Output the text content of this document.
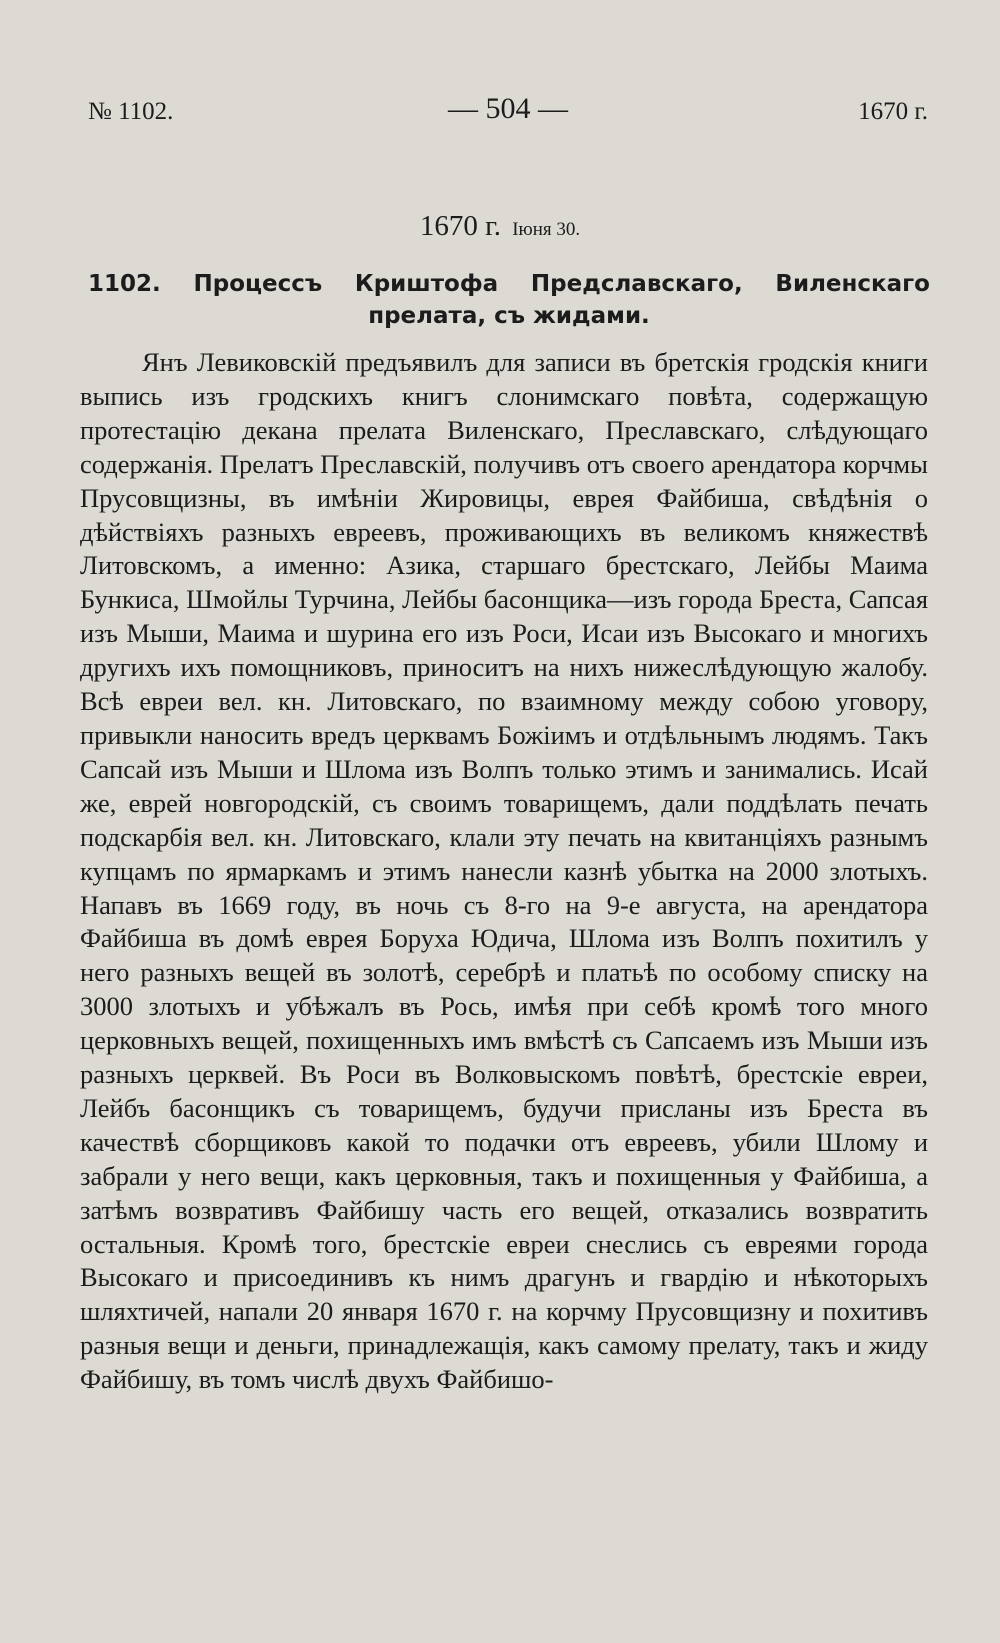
№ 1102.	— 504 —	1670 г.
1670 г. Іюня 30.
1102. Процессъ Криштофа Предславскаго, Виленскаго прелата, съ жидами.
Янъ Левиковскій предъявилъ для записи въ бретскія гродскія книги выпись изъ гродскихъ книгъ слонимскаго повѣта, содержащую протестацію декана прелата Виленскаго, Преславскаго, слѣдующаго содержанія. Прелатъ Преславскій, получивъ отъ своего арендатора корчмы Прусовщизны, въ имѣніи Жировицы, еврея Файбиша, свѣдѣнія о дѣйствіяхъ разныхъ евреевъ, проживающихъ въ великомъ княжествѣ Литовскомъ, а именно: Азика, старшаго брестскаго, Лейбы Маима Бункиса, Шмойлы Турчина, Лейбы басонщика—изъ города Бреста, Сапсая изъ Мыши, Маима и шурина его изъ Роси, Исаи изъ Высокаго и многихъ другихъ ихъ помощниковъ, приноситъ на нихъ нижеслѣдующую жалобу. Всѣ евреи вел. кн. Литовскаго, по взаимному между собою уговору, привыкли наносить вредъ церквамъ Божіимъ и отдѣльнымъ людямъ. Такъ Сапсай изъ Мыши и Шлома изъ Волпъ только этимъ и занимались. Исай же, еврей новгородскій, съ своимъ товарищемъ, дали поддѣлать печать подскарбія вел. кн. Литовскаго, клали эту печать на квитанціяхъ разнымъ купцамъ по ярмаркамъ и этимъ нанесли казнѣ убытка на 2000 злотыхъ. Напавъ въ 1669 году, въ ночь съ 8-го на 9-е августа, на арендатора Файбиша въ домѣ еврея Боруха Юдича, Шлома изъ Волпъ похитилъ у него разныхъ вещей въ золотѣ, серебрѣ и платьѣ по особому списку на 3000 злотыхъ и убѣжалъ въ Рось, имѣя при себѣ кромѣ того много церковныхъ вещей, похищенныхъ имъ вмѣстѣ съ Сапсаемъ изъ Мыши изъ разныхъ церквей. Въ Роси въ Волковыскомъ повѣтѣ, брестскіе евреи, Лейбъ басонщикъ съ товарищемъ, будучи присланы изъ Бреста въ качествѣ сборщиковъ какой то подачки отъ евреевъ, убили Шлому и забрали у него вещи, какъ церковныя, такъ и похищенныя у Файбиша, а затѣмъ возвративъ Файбишу часть его вещей, отказались возвратить остальныя. Кромѣ того, брестскіе евреи снеслись съ евреями города Высокаго и присоединивъ къ нимъ драгунъ и гвардію и нѣкоторыхъ шляхтичей, напали 20 января 1670 г. на корчму Прусовщизну и похитивъ разныя вещи и деньги, принадлежащія, какъ самому прелату, такъ и жиду Файбишу, въ томъ числѣ двухъ Файбишо-
